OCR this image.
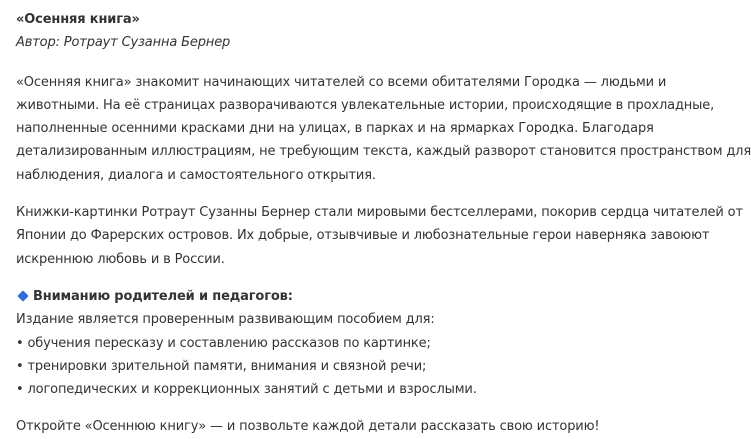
«Осенняя книга»

Автор: Ротраут Сузанна Бернер

«Осенняя книга» знакомит начинающих читателей со всеми обитателями Городка — людьми и
животными. На её страницах разворачиваются увлекательные истории, происходящие в прохладные,
наполненные осенними красками дни на улицах, в парках и на ярмарках Городка. Благодаря
детализированным иллюстрациям, не требующим текста, каждый разворот становится пространством для
наблюдения, диалога и самостоятельного открытия.

Книжки-картинки Ротраут Сузанны Бернер стали мировыми бестселлерами, покорив сердца читателей от
Японии до Фарерских островов. Их добрые, отзывчивые и любознательные герои наверняка завоюют
искреннюю любовь и в России.

Вниманию родителей и педагогов:

Издание является проверенным развивающим пособием для:

• обучения пересказу и составлению рассказов по картинке;

• тренировки зрительной памяти, внимания и связной речи;

• логопедических и коррекционных занятий с детьми и взрослыми.

Откройте «Осеннюю книгу» — и позвольте каждой детали рассказать свою историю!
